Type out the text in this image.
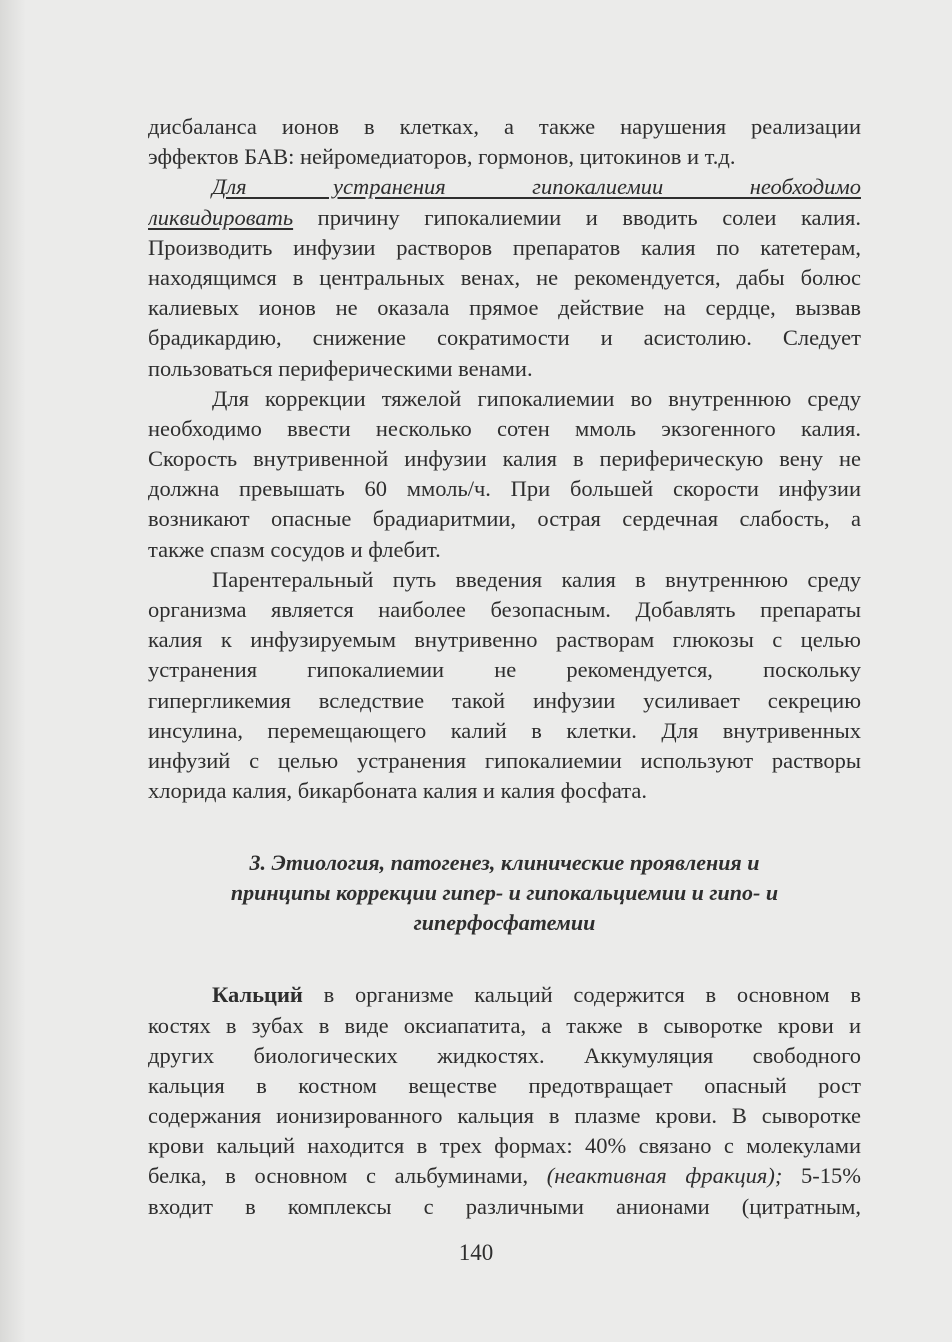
дисбаланса ионов в клетках, а также нарушения реализации
эффектов БАВ: нейромедиаторов, гормонов, цитокинов и т.д.
Для устранения гипокалиемии необходимо
ликвидировать причину гипокалиемии и вводить солеи калия.
Производить инфузии растворов препаратов калия по катетерам,
находящимся в центральных венах, не рекомендуется, дабы болюс
калиевых ионов не оказала прямое действие на сердце, вызвав
брадикардию, снижение сократимости и асистолию. Следует
пользоваться периферическими венами.
Для коррекции тяжелой гипокалиемии во внутреннюю среду
необходимо ввести несколько сотен ммоль экзогенного калия.
Скорость внутривенной инфузии калия в периферическую вену не
должна превышать 60 ммоль/ч. При большей скорости инфузии
возникают опасные брадиаритмии, острая сердечная слабость, а
также спазм сосудов и флебит.
Парентеральный путь введения калия в внутреннюю среду
организма является наиболее безопасным. Добавлять препараты
калия к инфузируемым внутривенно растворам глюкозы с целью
устранения гипокалиемии не рекомендуется, поскольку
гипергликемия вследствие такой инфузии усиливает секрецию
инсулина, перемещающего калий в клетки. Для внутривенных
инфузий с целью устранения гипокалиемии используют растворы
хлорида калия, бикарбоната калия и калия фосфата.
3. Этиология, патогенез, клинические проявления и
принципы коррекции гипер- и гипокальциемии и гипо- и
гиперфосфатемии
Кальций в организме кальций содержится в основном в
костях в зубах в виде оксиапатита, а также в сыворотке крови и
других биологических жидкостях. Аккумуляция свободного
кальция в костном веществе предотвращает опасный рост
содержания ионизированного кальция в плазме крови. В сыворотке
крови кальций находится в трех формах: 40% связано с молекулами
белка, в основном с альбуминами, (неактивная фракция); 5-15%
входит в комплексы с различными анионами (цитратным,
140
